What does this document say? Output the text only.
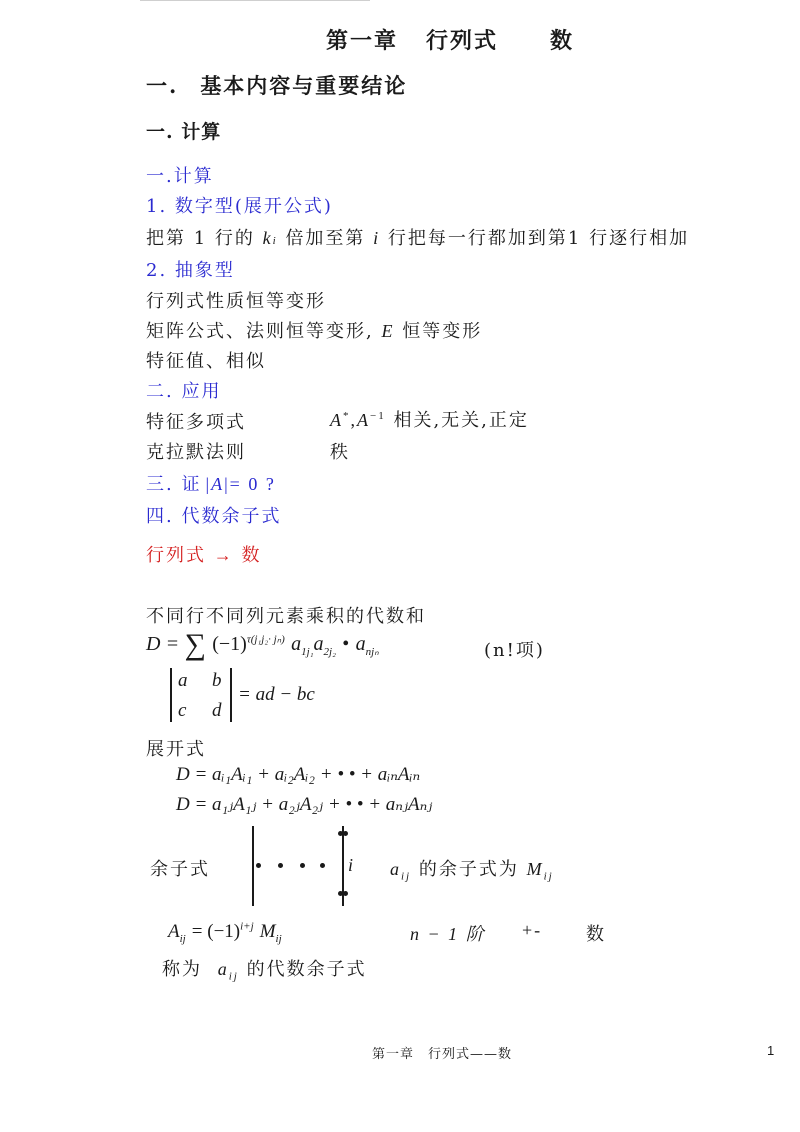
第一章 行列式 数
一. 基本内容与重要结论
一. 计算
一.计算
1. 数字型(展开公式)
把第 1 行的 ki 倍加至第 i 行把每一行都加到第1 行逐行相加
2. 抽象型
行列式性质恒等变形
矩阵公式、法则恒等变形, E 恒等变形
特征值、相似
二. 应用
特征多项式	$A^*,A^{-1}$ 相关,无关,正定
克拉默法则	秩
三. 证 |A|= 0 ?
四. 代数余子式
行列式 → 数
不同行不同列元素乘积的代数和
D = ∑ $(-1)^{\tau(j_1j_2\cdot j_n)}$ $a_{1j_1}a_{2j_2}$ • $a_{nj_n}$	(n!项)
a b
c d
= ad − bc
展开式
D = aᵢ₁Aᵢ₁ + aᵢ₂Aᵢ₂ + • • + aᵢₙAᵢₙ
D = a₁ⱼA₁ⱼ + a₂ⱼA₂ⱼ + • • + aₙⱼAₙⱼ
余子式	i $a_{ij}$ 的余子式为 $M_{ij}$
$A_{ij} = (-1)^{i+j}$ $M_{ij}$	n − 1 阶 +- 数
称为 $a_{ij}$ 的代数余子式
第一章　行列式——数	1
